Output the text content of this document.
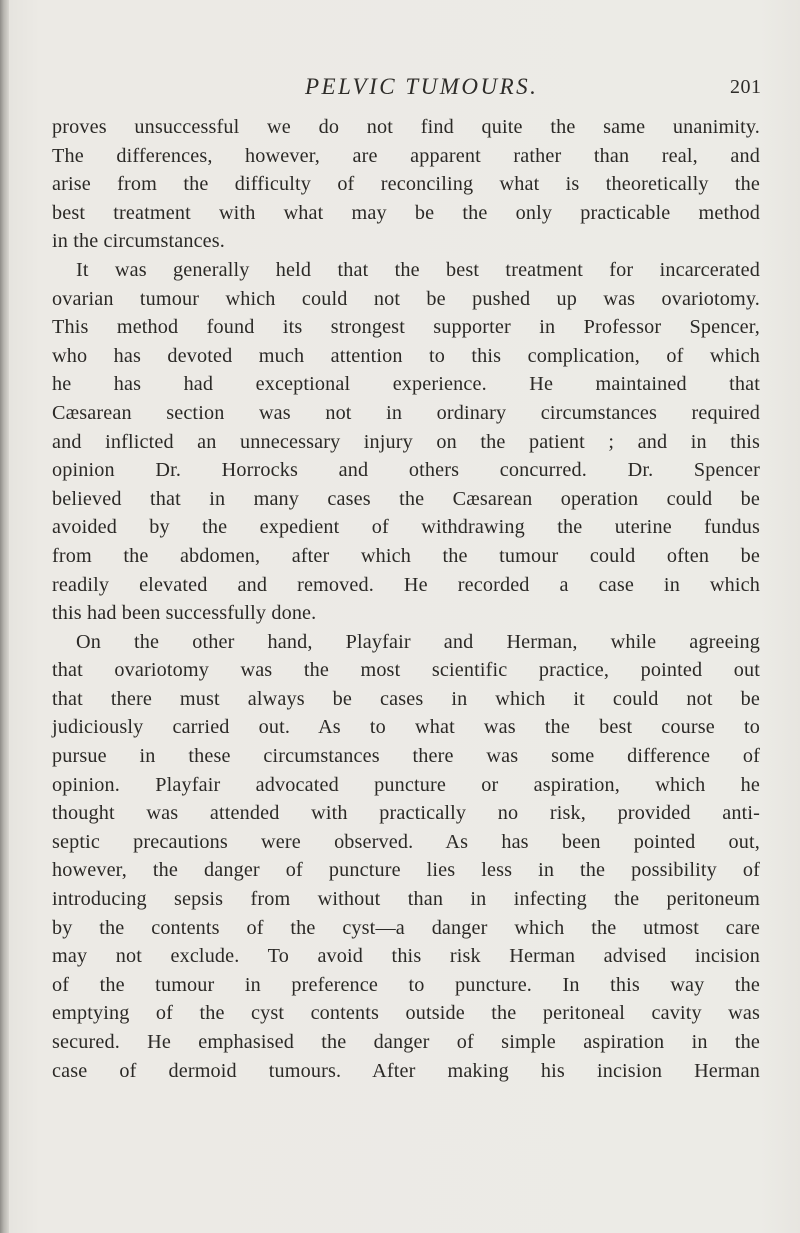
PELVIC TUMOURS.	201
proves unsuccessful we do not find quite the same unanimity.
The differences, however, are apparent rather than real, and
arise from the difficulty of reconciling what is theoretically the
best treatment with what may be the only practicable method
in the circumstances.
It was generally held that the best treatment for incarcerated
ovarian tumour which could not be pushed up was ovariotomy.
This method found its strongest supporter in Professor Spencer,
who has devoted much attention to this complication, of which
he has had exceptional experience. He maintained that
Cæsarean section was not in ordinary circumstances required
and inflicted an unnecessary injury on the patient ; and in this
opinion Dr. Horrocks and others concurred. Dr. Spencer
believed that in many cases the Cæsarean operation could be
avoided by the expedient of withdrawing the uterine fundus
from the abdomen, after which the tumour could often be
readily elevated and removed. He recorded a case in which
this had been successfully done.
On the other hand, Playfair and Herman, while agreeing
that ovariotomy was the most scientific practice, pointed out
that there must always be cases in which it could not be
judiciously carried out. As to what was the best course to
pursue in these circumstances there was some difference of
opinion. Playfair advocated puncture or aspiration, which he
thought was attended with practically no risk, provided anti-
septic precautions were observed. As has been pointed out,
however, the danger of puncture lies less in the possibility of
introducing sepsis from without than in infecting the peritoneum
by the contents of the cyst—a danger which the utmost care
may not exclude. To avoid this risk Herman advised incision
of the tumour in preference to puncture. In this way the
emptying of the cyst contents outside the peritoneal cavity was
secured. He emphasised the danger of simple aspiration in the
case of dermoid tumours. After making his incision Herman
